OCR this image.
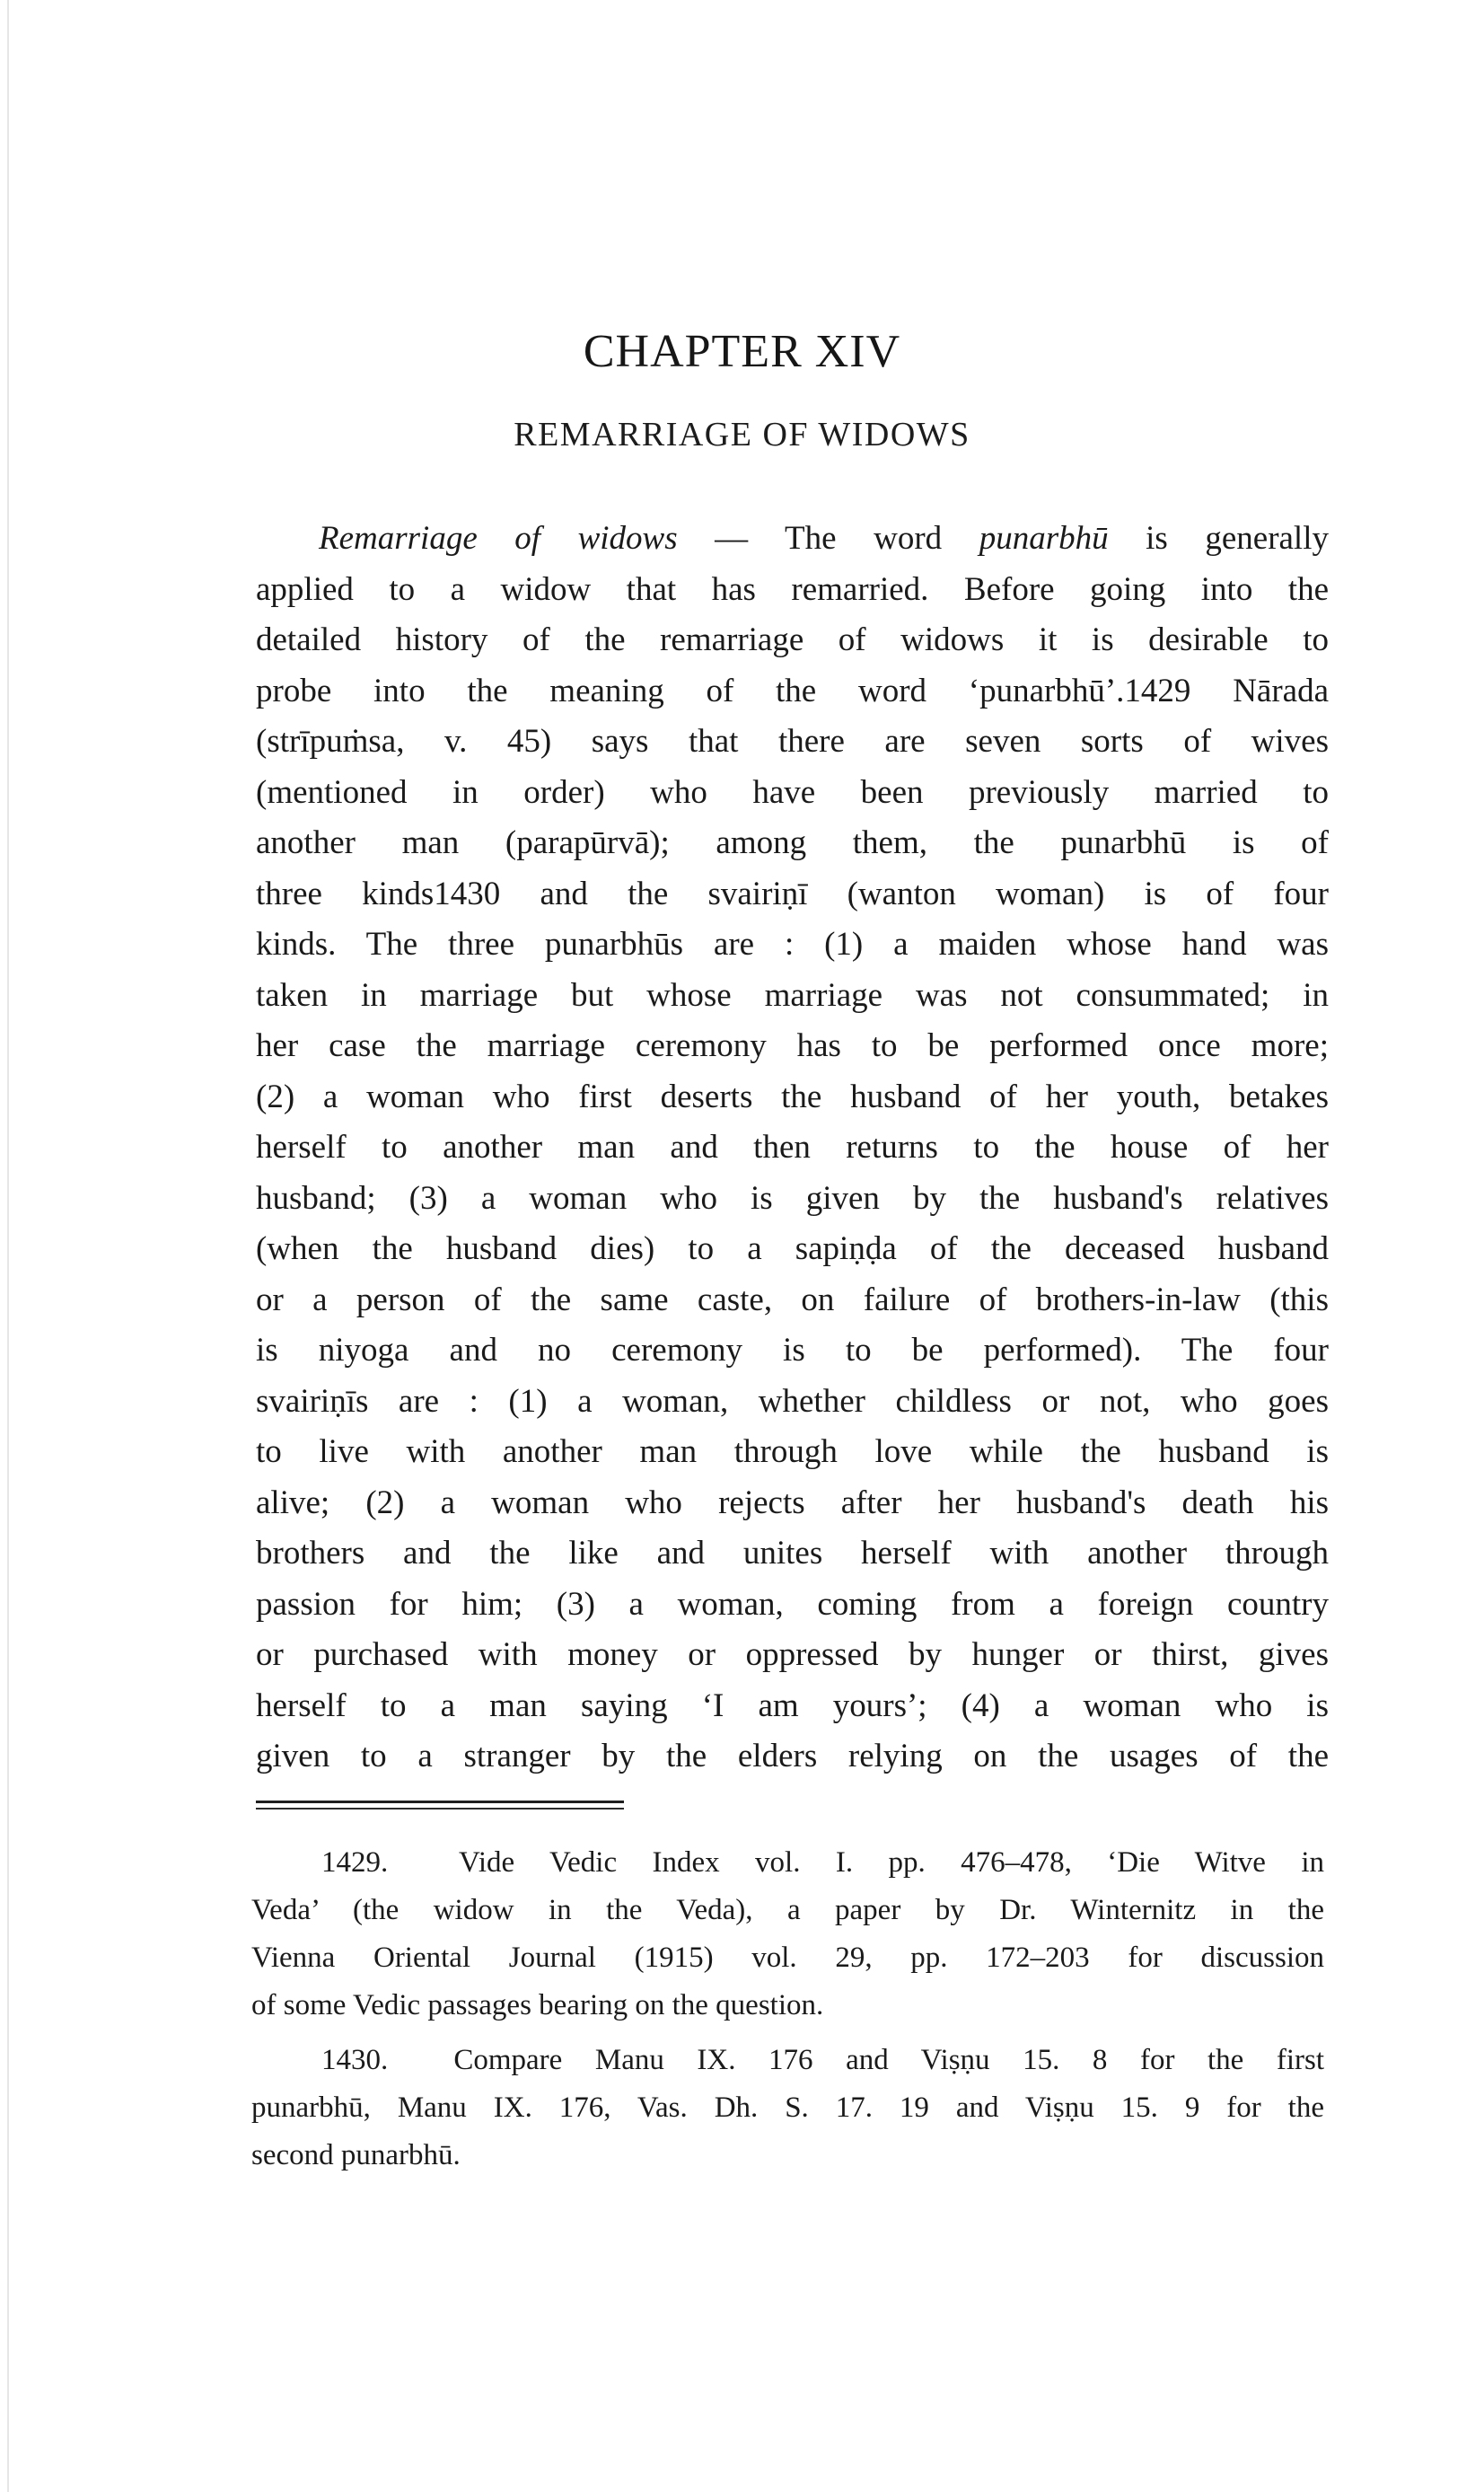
CHAPTER XIV
REMARRIAGE OF WIDOWS
Remarriage of widows — The word punarbhū is generally
applied to a widow that has remarried. Before going into the
detailed history of the remarriage of widows it is desirable to
probe into the meaning of the word ‘punarbhū’.1429 Nārada
(strīpuṁsa, v. 45) says that there are seven sorts of wives
(mentioned in order) who have been previously married to
another man (parapūrvā); among them, the punarbhū is of
three kinds1430 and the svairiṇī (wanton woman) is of four
kinds. The three punarbhūs are : (1) a maiden whose hand was
taken in marriage but whose marriage was not consummated; in
her case the marriage ceremony has to be performed once more;
(2) a woman who first deserts the husband of her youth, betakes
herself to another man and then returns to the house of her
husband; (3) a woman who is given by the husband's relatives
(when the husband dies) to a sapiṇḍa of the deceased husband
or a person of the same caste, on failure of brothers-in-law (this
is niyoga and no ceremony is to be performed). The four
svairiṇīs are : (1) a woman, whether childless or not, who goes
to live with another man through love while the husband is
alive; (2) a woman who rejects after her husband's death his
brothers and the like and unites herself with another through
passion for him; (3) a woman, coming from a foreign country
or purchased with money or oppressed by hunger or thirst, gives
herself to a man saying ‘I am yours’; (4) a woman who is
given to a stranger by the elders relying on the usages of the
1429. Vide Vedic Index vol. I. pp. 476–478, ‘Die Witve in
Veda’ (the widow in the Veda), a paper by Dr. Winternitz in the
Vienna Oriental Journal (1915) vol. 29, pp. 172–203 for discussion
of some Vedic passages bearing on the question.
1430. Compare Manu IX. 176 and Viṣṇu 15. 8 for the first
punarbhū, Manu IX. 176, Vas. Dh. S. 17. 19 and Viṣṇu 15. 9 for the
second punarbhū.
